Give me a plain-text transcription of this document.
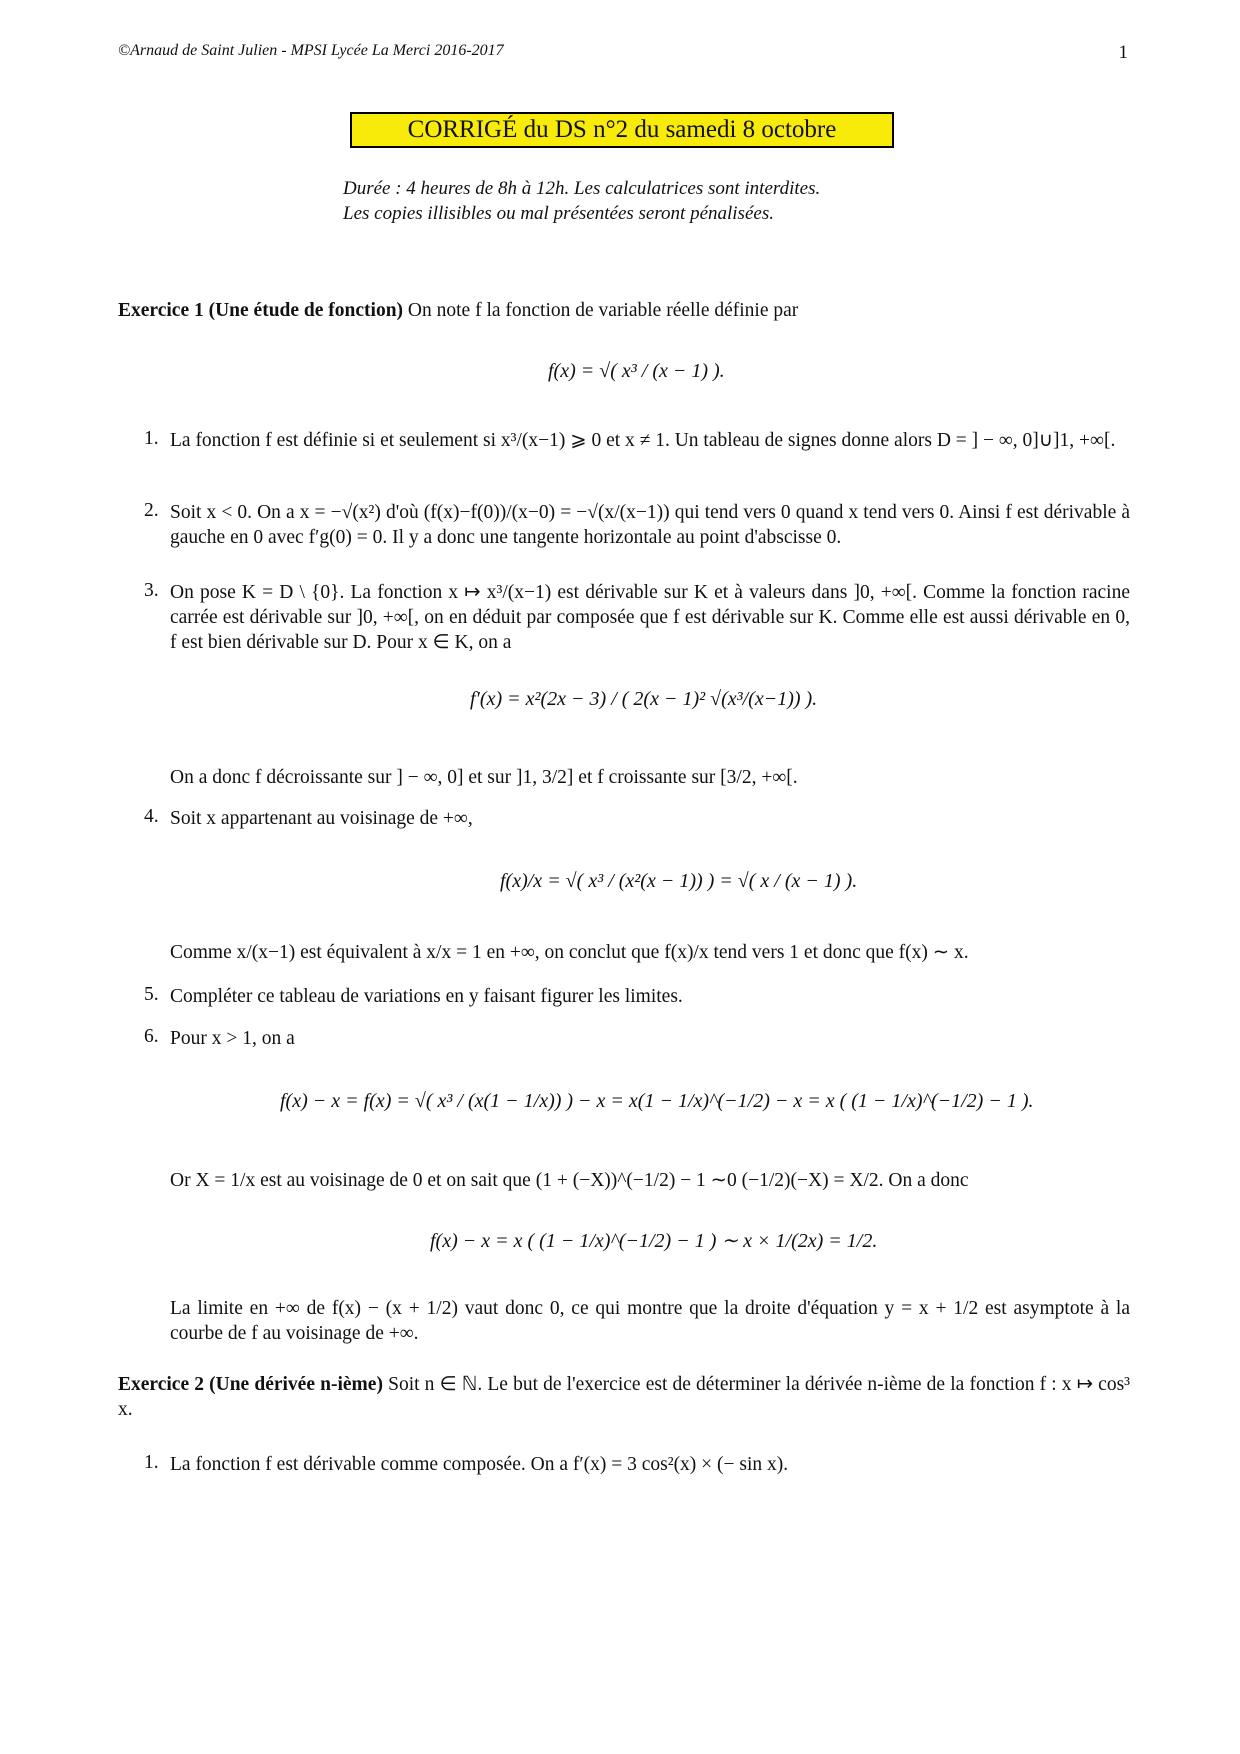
©Arnaud de Saint Julien - MPSI Lycée La Merci 2016-2017	1
CORRIGÉ du DS n°2 du samedi 8 octobre
Durée : 4 heures de 8h à 12h. Les calculatrices sont interdites.
Les copies illisibles ou mal présentées seront pénalisées.
Exercice 1 (Une étude de fonction) On note f la fonction de variable réelle définie par
f(x) = √( x³ / (x − 1) ).
1. La fonction f est définie si et seulement si x³/(x−1) ⩾ 0 et x ≠ 1. Un tableau de signes donne alors D = ] − ∞, 0]∪]1, +∞[.
2. Soit x < 0. On a x = −√(x²) d'où (f(x)−f(0))/(x−0) = −√(x/(x−1)) qui tend vers 0 quand x tend vers 0. Ainsi f est dérivable à gauche en 0 avec f′g(0) = 0. Il y a donc une tangente horizontale au point d'abscisse 0.
3. On pose K = D \ {0}. La fonction x ↦ x³/(x−1) est dérivable sur K et à valeurs dans ]0, +∞[. Comme la fonction racine carrée est dérivable sur ]0, +∞[, on en déduit par composée que f est dérivable sur K. Comme elle est aussi dérivable en 0, f est bien dérivable sur D. Pour x ∈ K, on a
f′(x) = x²(2x − 3) / ( 2(x − 1)² √(x³/(x−1)) ).
On a donc f décroissante sur ] − ∞, 0] et sur ]1, 3/2] et f croissante sur [3/2, +∞[.
4. Soit x appartenant au voisinage de +∞,
f(x)/x = √( x³ / (x²(x − 1)) ) = √( x / (x − 1) ).
Comme x/(x−1) est équivalent à x/x = 1 en +∞, on conclut que f(x)/x tend vers 1 et donc que f(x) ∼ x.
5. Compléter ce tableau de variations en y faisant figurer les limites.
6. Pour x > 1, on a
f(x) − x = f(x) = √( x³ / (x(1 − 1/x)) ) − x = x(1 − 1/x)^(−1/2) − x = x ( (1 − 1/x)^(−1/2) − 1 ).
Or X = 1/x est au voisinage de 0 et on sait que (1 + (−X))^(−1/2) − 1 ∼0 (−1/2)(−X) = X/2. On a donc
f(x) − x = x ( (1 − 1/x)^(−1/2) − 1 ) ∼ x × 1/(2x) = 1/2.
La limite en +∞ de f(x) − (x + 1/2) vaut donc 0, ce qui montre que la droite d'équation y = x + 1/2 est asymptote à la courbe de f au voisinage de +∞.
Exercice 2 (Une dérivée n-ième) Soit n ∈ ℕ. Le but de l'exercice est de déterminer la dérivée n-ième de la fonction f : x ↦ cos³ x.
1. La fonction f est dérivable comme composée. On a f′(x) = 3 cos²(x) × (− sin x).
